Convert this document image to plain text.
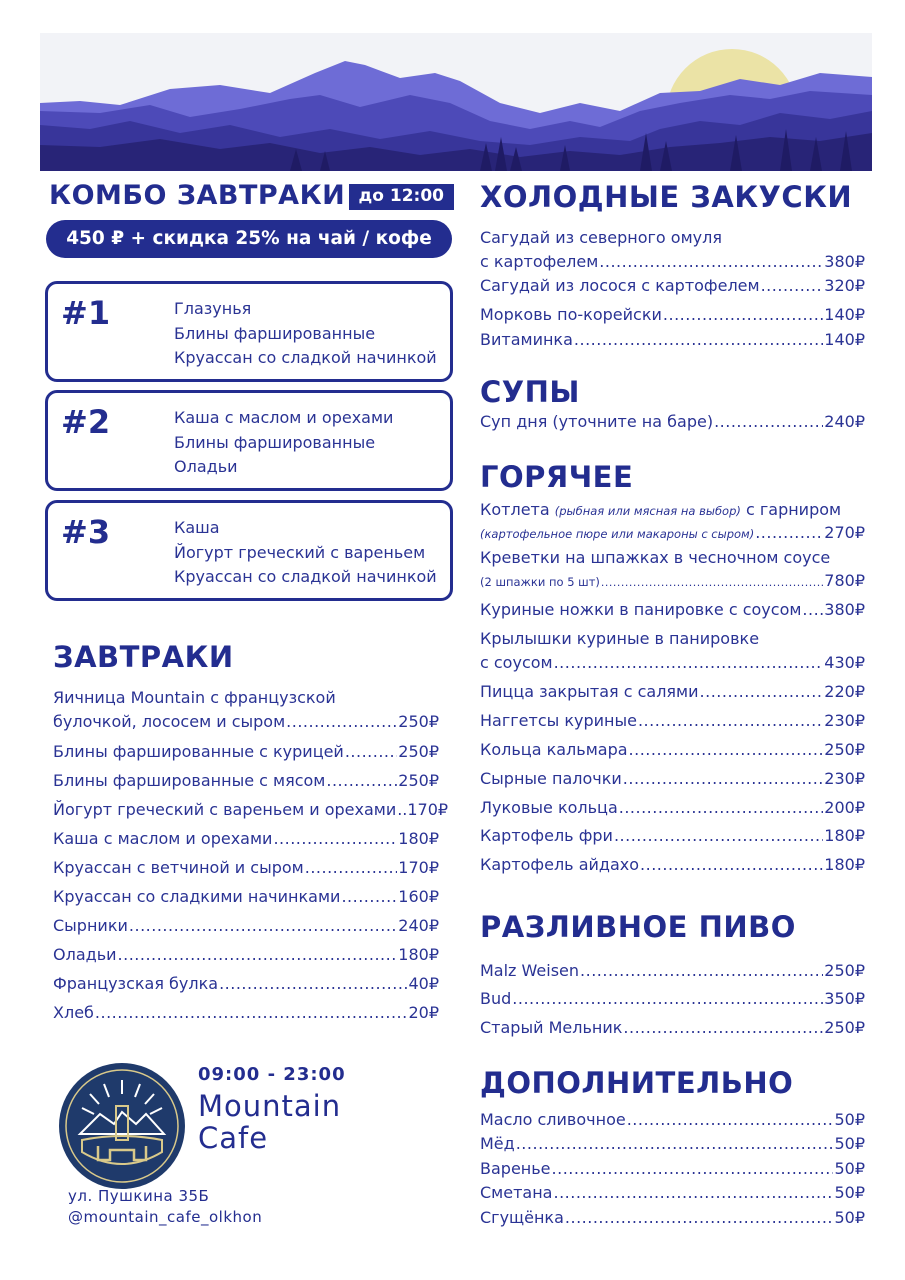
КОМБО ЗАВТРАКИ до 12:00
450 ₽ + скидка 25% на чай / кофе
#1	Глазунья
Блины фаршированные
Круассан со сладкой начинкой
#2	Каша с маслом и орехами
Блины фаршированные
Оладьи
#3	Каша
Йогурт греческий с вареньем
Круассан со сладкой начинкой
ЗАВТРАКИ
Яичница Mountain с французской
булочкой, лососем и сыром .....	250₽
Блины фаршированные с курицей .....	250₽
Блины фаршированные с мясом .....	250₽
Йогурт греческий с вареньем и орехами ..... .170₽
Каша с маслом и орехами .....	180₽
Круассан с ветчиной и сыром .....	170₽
Круассан со сладкими начинками .....	160₽
Сырники .....	240₽
Оладьи .....	180₽
Французская булка .....	40₽
Хлеб .....	20₽
09:00 - 23:00
Mountain
Cafe
ул. Пушкина 35Б
@mountain_cafe_olkhon
ХОЛОДНЫЕ ЗАКУСКИ
Сагудай из северного омуля
с картофелем .....	380₽
Сагудай из лосося с картофелем .....	320₽
Морковь по-корейски .....	140₽
Витаминка .....	140₽
СУПЫ
Суп дня (уточните на баре) .....	240₽
ГОРЯЧЕЕ
Котлета (рыбная или мясная на выбор) с гарниром
(картофельное пюре или макароны с сыром) .....	270₽
Креветки на шпажках в чесночном соусе
(2 шпажки по 5 шт) .....	780₽
Куриные ножки в панировке с соусом ..... 380₽
Крылышки куриные в панировке
с соусом .....	430₽
Пицца закрытая с салями .....	220₽
Наггетсы куриные .....	230₽
Кольца кальмара .....	250₽
Сырные палочки .....	230₽
Луковые кольца .....	200₽
Картофель фри .....	180₽
Картофель айдахо .....	180₽
РАЗЛИВНОЕ ПИВО
Malz Weisen .....	250₽
Bud .....	350₽
Старый Мельник .....	250₽
ДОПОЛНИТЕЛЬНО
Масло сливочное .....	50₽
Мёд .....	50₽
Варенье .....	50₽
Сметана .....	50₽
Сгущёнка .....	50₽
